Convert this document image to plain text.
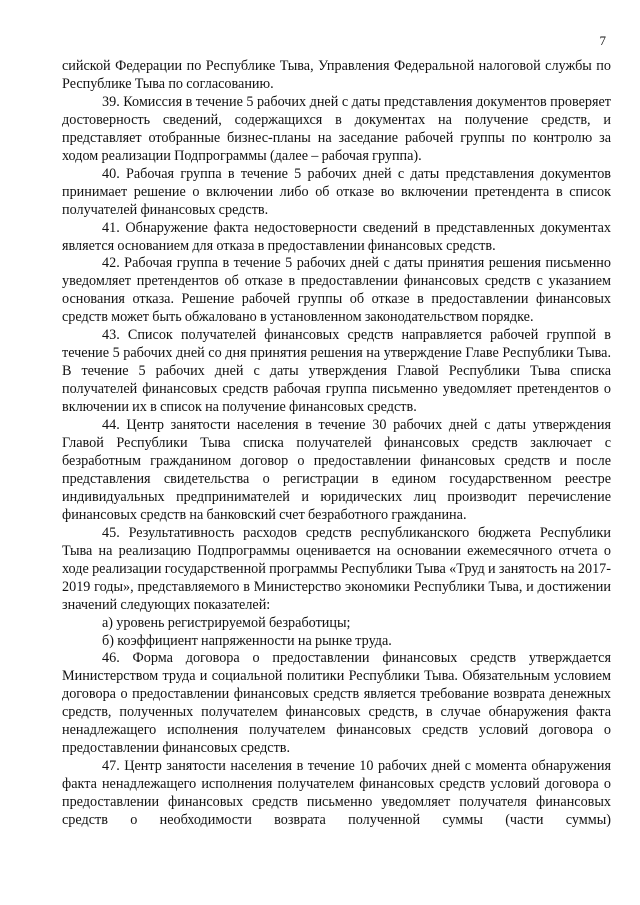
7

сийской Федерации по Республике Тыва, Управления Федеральной налоговой службы по Республике Тыва по согласованию.

39. Комиссия в течение 5 рабочих дней с даты представления документов проверяет достоверность сведений, содержащихся в документах на получение средств, и представляет отобранные бизнес-планы на заседание рабочей группы по контролю за ходом реализации Подпрограммы (далее – рабочая группа).

40. Рабочая группа в течение 5 рабочих дней с даты представления документов принимает решение о включении либо об отказе во включении претендента в список получателей финансовых средств.

41. Обнаружение факта недостоверности сведений в представленных документах является основанием для отказа в предоставлении финансовых средств.

42. Рабочая группа в течение 5 рабочих дней с даты принятия решения письменно уведомляет претендентов об отказе в предоставлении финансовых средств с указанием основания отказа. Решение рабочей группы об отказе в предоставлении финансовых средств может быть обжаловано в установленном законодательством порядке.

43. Список получателей финансовых средств направляется рабочей группой в течение 5 рабочих дней со дня принятия решения на утверждение Главе Республики Тыва. В течение 5 рабочих дней с даты утверждения Главой Республики Тыва списка получателей финансовых средств рабочая группа письменно уведомляет претендентов о включении их в список на получение финансовых средств.

44. Центр занятости населения в течение 30 рабочих дней с даты утверждения Главой Республики Тыва списка получателей финансовых средств заключает с безработным гражданином договор о предоставлении финансовых средств и после представления свидетельства о регистрации в едином государственном реестре индивидуальных предпринимателей и юридических лиц производит перечисление финансовых средств на банковский счет безработного гражданина.

45. Результативность расходов средств республиканского бюджета Республики Тыва на реализацию Подпрограммы оценивается на основании ежемесячного отчета о ходе реализации государственной программы Республики Тыва «Труд и занятость на 2017-2019 годы», представляемого в Министерство экономики Республики Тыва, и достижении значений следующих показателей:

а) уровень регистрируемой безработицы;

б) коэффициент напряженности на рынке труда.

46. Форма договора о предоставлении финансовых средств утверждается Министерством труда и социальной политики Республики Тыва. Обязательным условием договора о предоставлении финансовых средств является требование возврата денежных средств, полученных получателем финансовых средств, в случае обнаружения факта ненадлежащего исполнения получателем финансовых средств условий договора о предоставлении финансовых средств.

47. Центр занятости населения в течение 10 рабочих дней с момента обнаружения факта ненадлежащего исполнения получателем финансовых средств условий договора о предоставлении финансовых средств письменно уведомляет получателя финансовых средств о необходимости возврата полученной суммы (части суммы)
